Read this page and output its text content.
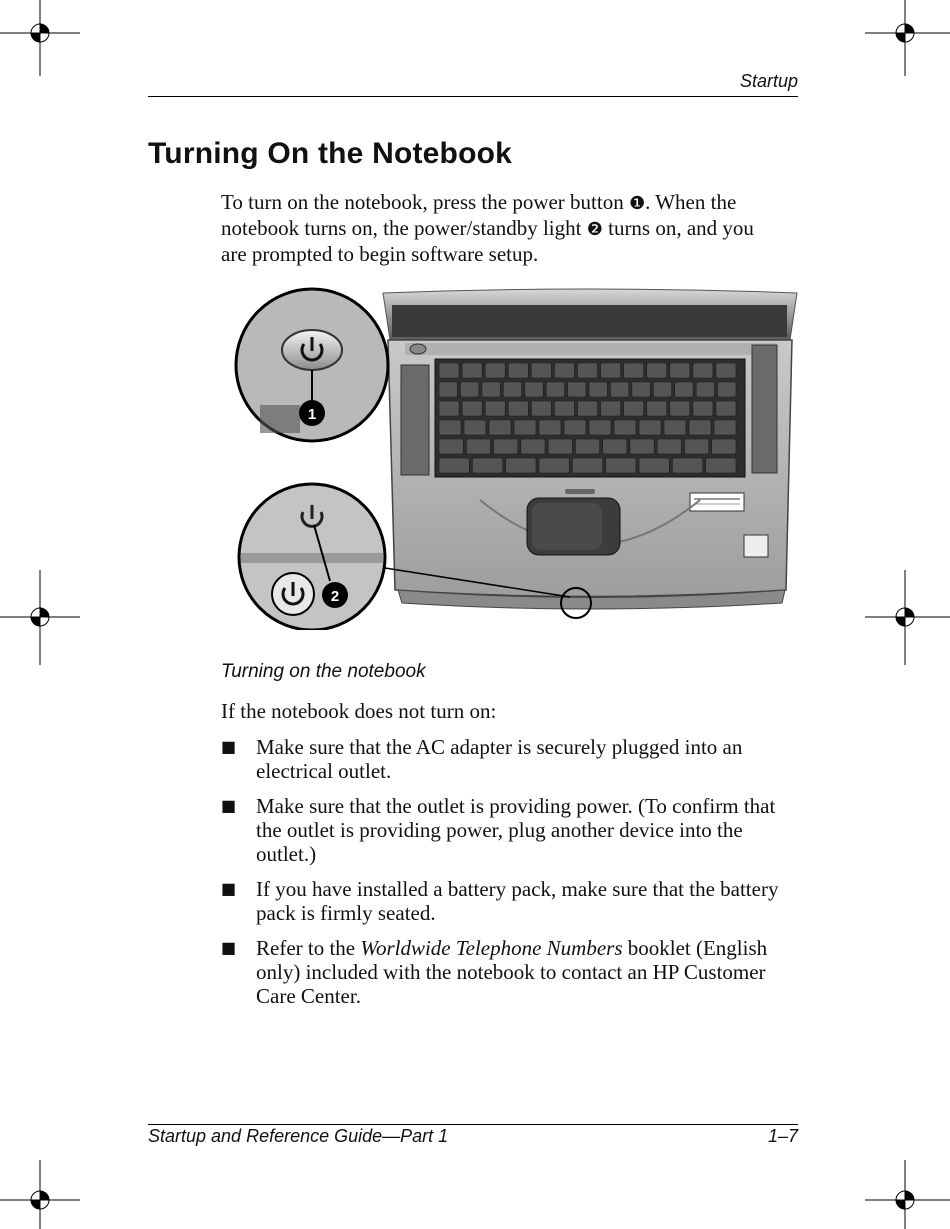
Startup
Turning On the Notebook

To turn on the notebook, press the power button ❶. When the notebook turns on, the power/standby light ❷ turns on, and you are prompted to begin software setup.

1
2
Turning on the notebook

If the notebook does not turn on:

■ Make sure that the AC adapter is securely plugged into an electrical outlet.
■ Make sure that the outlet is providing power. (To confirm that the outlet is providing power, plug another device into the outlet.)
■ If you have installed a battery pack, make sure that the battery pack is firmly seated.
■ Refer to the Worldwide Telephone Numbers booklet (English only) included with the notebook to contact an HP Customer Care Center.
Startup and Reference Guide—Part 1	1–7
